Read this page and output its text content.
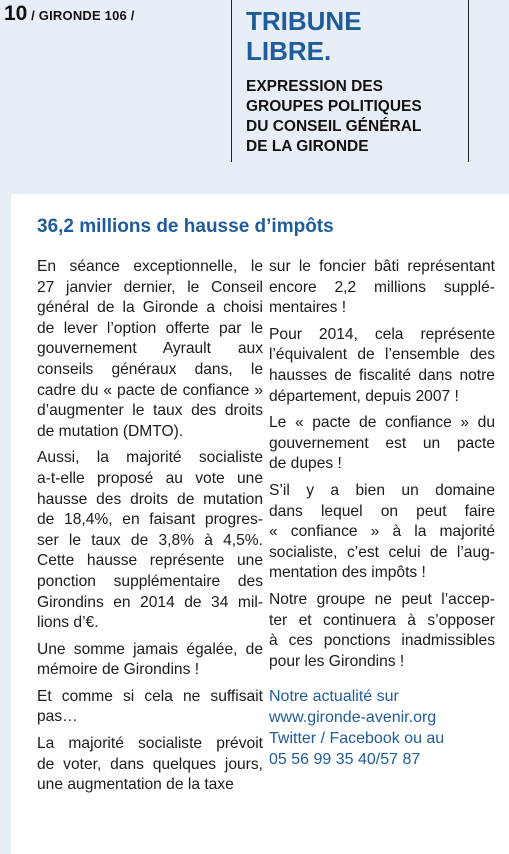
10 / GIRONDE 106 /	TRIBUNE
LIBRE.
EXPRESSION DES
GROUPES POLITIQUES
DU CONSEIL GÉNÉRAL
DE LA GIRONDE
36,2 millions de hausse d’impôts

En séance exceptionnelle, le
27 janvier dernier, le Conseil
général de la Gironde a choisi
de lever l’option offerte par le
gouvernement Ayrault aux
conseils généraux dans, le
cadre du « pacte de confiance »
d’augmenter le taux des droits
de mutation (DMTO).

Aussi, la majorité socialiste
a-t-elle proposé au vote une
hausse des droits de mutation
de 18,4%, en faisant progres-
ser le taux de 3,8% à 4,5%.
Cette hausse représente une
ponction supplémentaire des
Girondins en 2014 de 34 mil-
lions d’€.

Une somme jamais égalée, de
mémoire de Girondins !

Et comme si cela ne suffisait
pas…

La majorité socialiste prévoit
de voter, dans quelques jours,
une augmentation de la taxe

sur le foncier bâti représentant
encore 2,2 millions supplé-
mentaires !

Pour 2014, cela représente
l’équivalent de l’ensemble des
hausses de fiscalité dans notre
département, depuis 2007 !

Le « pacte de confiance » du
gouvernement est un pacte
de dupes !

S’il y a bien un domaine
dans lequel on peut faire
« confiance » à la majorité
socialiste, c’est celui de l’aug-
mentation des impôts !

Notre groupe ne peut l’accep-
ter et continuera à s’opposer
à ces ponctions inadmissibles
pour les Girondins !

Notre actualité sur
www.gironde-avenir.org
Twitter / Facebook ou au
05 56 99 35 40/57 87
